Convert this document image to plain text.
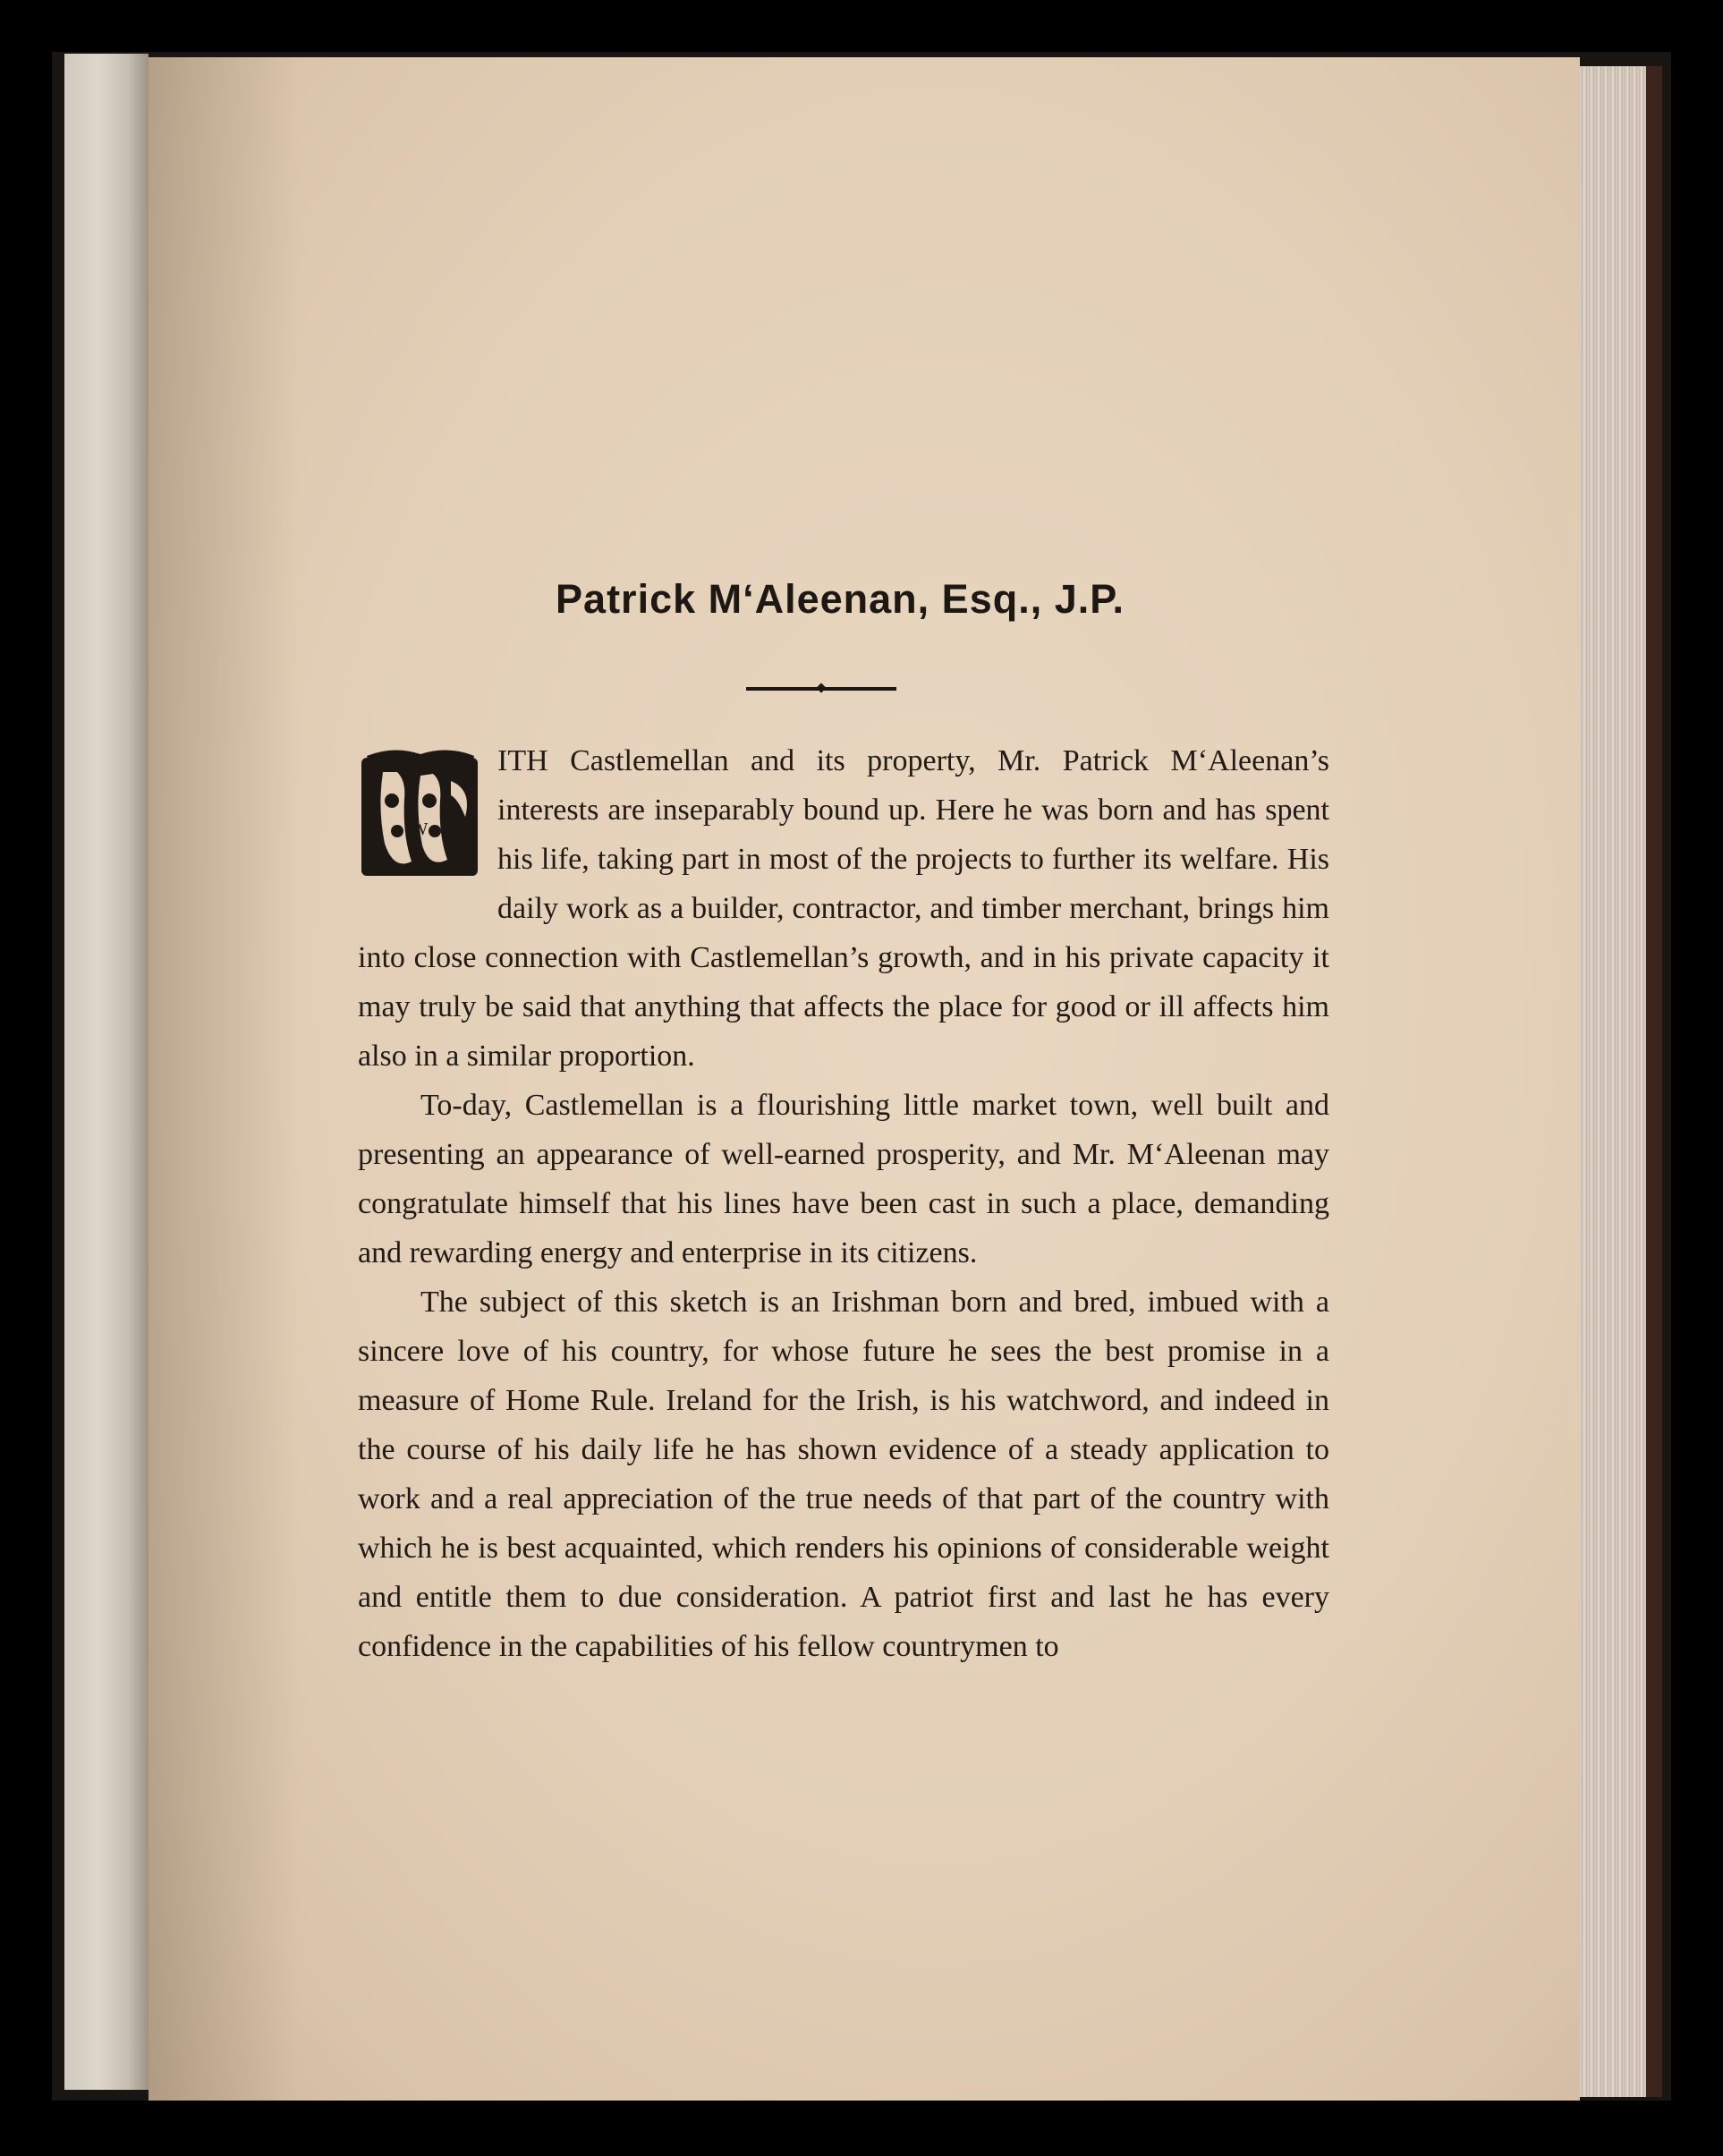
Patrick M‘Aleenan, Esq., J.P.

W
ITH Castlemellan and its property, Mr. Patrick M‘Aleenan’s interests are inseparably bound up. Here he was born and has spent his life, taking part in most of the projects to further its welfare. His daily work as a builder, contractor, and timber merchant, brings him into close connection with Castlemellan’s growth, and in his private capacity it may truly be said that anything that affects the place for good or ill affects him also in a similar proportion.

To-day, Castlemellan is a flourishing little market town, well built and presenting an appearance of well-earned prosperity, and Mr. M‘Aleenan may congratulate himself that his lines have been cast in such a place, demanding and rewarding energy and enterprise in its citizens.

The subject of this sketch is an Irishman born and bred, imbued with a sincere love of his country, for whose future he sees the best promise in a measure of Home Rule. Ireland for the Irish, is his watchword, and indeed in the course of his daily life he has shown evidence of a steady application to work and a real appreciation of the true needs of that part of the country with which he is best acquainted, which renders his opinions of considerable weight and entitle them to due consideration. A patriot first and last he has every confidence in the capabilities of his fellow countrymen to
